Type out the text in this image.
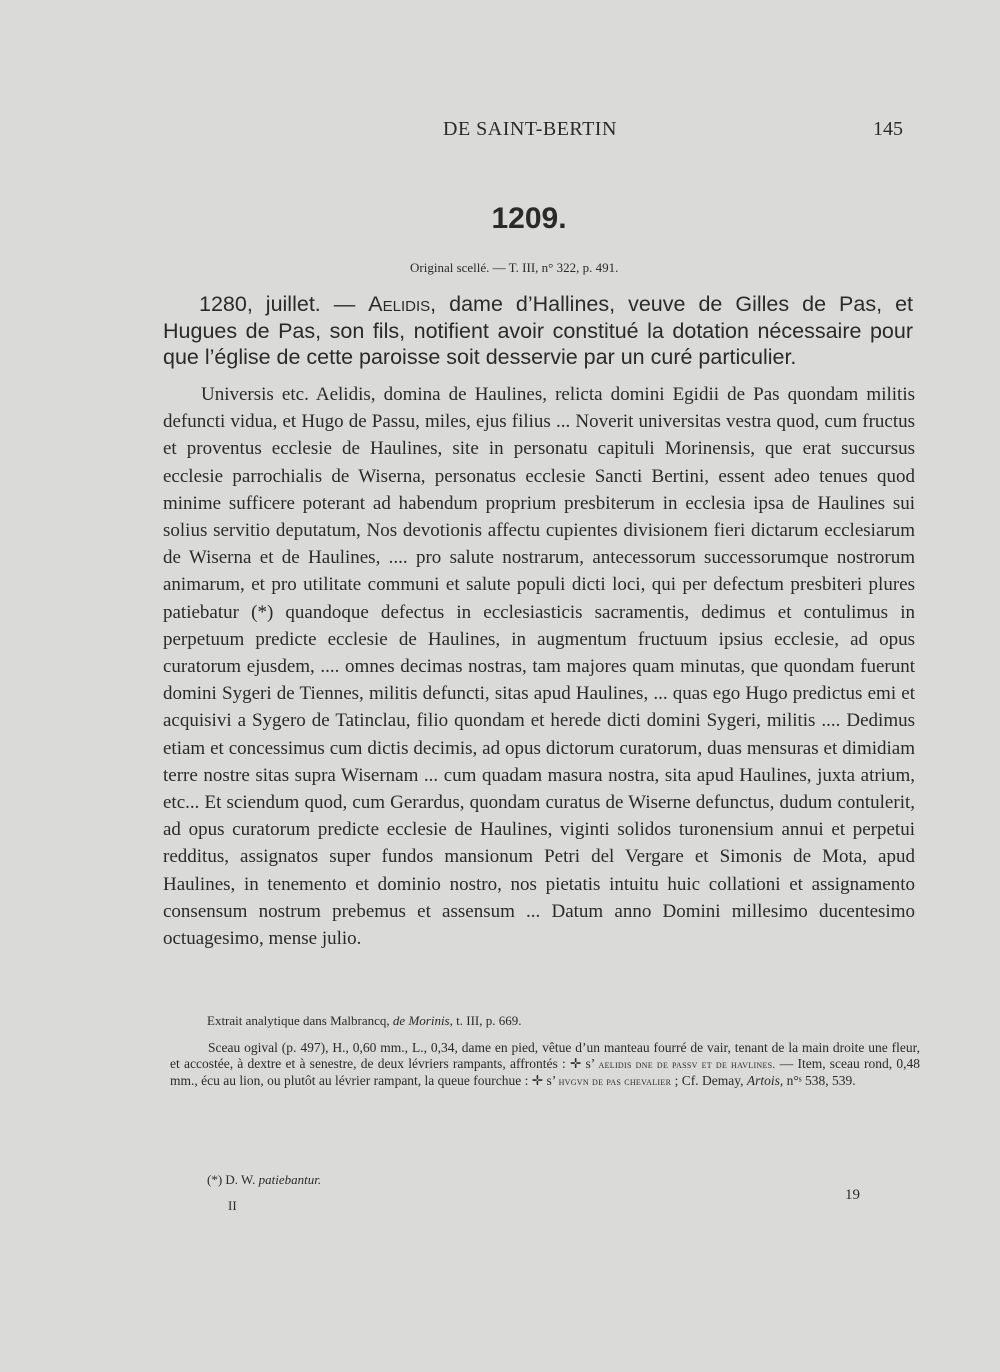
DE SAINT-BERTIN	145
1209.
Original scellé. — T. III, n° 322, p. 491.
1280, juillet. — Aelidis, dame d’Hallines, veuve de Gilles de Pas, et Hugues de Pas, son fils, notifient avoir constitué la dotation nécessaire pour que l’église de cette paroisse soit desservie par un curé particulier.
Universis etc. Aelidis, domina de Haulines, relicta domini Egidii de Pas quondam militis defuncti vidua, et Hugo de Passu, miles, ejus filius ... Noverit universitas vestra quod, cum fructus et proventus ecclesie de Haulines, site in personatu capituli Morinensis, que erat succursus ecclesie parrochialis de Wiserna, personatus ecclesie Sancti Bertini, essent adeo tenues quod minime sufficere poterant ad habendum proprium presbiterum in ecclesia ipsa de Haulines sui solius servitio deputatum, Nos devotionis affectu cupientes divisionem fieri dictarum ecclesiarum de Wiserna et de Haulines, .... pro salute nostrarum, antecessorum successorumque nostrorum animarum, et pro utilitate communi et salute populi dicti loci, qui per defectum presbiteri plures patiebatur (*) quandoque defectus in ecclesiasticis sacramentis, dedimus et contulimus in perpetuum predicte ecclesie de Haulines, in augmentum fructuum ipsius ecclesie, ad opus curatorum ejusdem, .... omnes decimas nostras, tam majores quam minutas, que quondam fuerunt domini Sygeri de Tiennes, militis defuncti, sitas apud Haulines, ... quas ego Hugo predictus emi et acquisivi a Sygero de Tatinclau, filio quondam et herede dicti domini Sygeri, militis .... Dedimus etiam et concessimus cum dictis decimis, ad opus dictorum curatorum, duas mensuras et dimidiam terre nostre sitas supra Wisernam ... cum quadam masura nostra, sita apud Haulines, juxta atrium, etc... Et sciendum quod, cum Gerardus, quondam curatus de Wiserne defunctus, dudum contulerit, ad opus curatorum predicte ecclesie de Haulines, viginti solidos turonensium annui et perpetui redditus, assignatos super fundos mansionum Petri del Vergare et Simonis de Mota, apud Haulines, in tenemento et dominio nostro, nos pietatis intuitu huic collationi et assignamento consensum nostrum prebemus et assensum ... Datum anno Domini millesimo ducentesimo octuagesimo, mense julio.
Extrait analytique dans Malbrancq, de Morinis, t. III, p. 669.
Sceau ogival (p. 497), H., 0,60 mm., L., 0,34, dame en pied, vêtue d’un manteau fourré de vair, tenant de la main droite une fleur, et accostée, à dextre et à senestre, de deux lévriers rampants, affrontés : ✛ s’ aelidis dne de passv et de havlines. — Item, sceau rond, 0,48 mm., écu au lion, ou plutôt au lévrier rampant, la queue fourchue : ✛ s’ hvgvn de pas chevalier ; Cf. Demay, Artois, n°ˢ 538, 539.
(*) D. W. patiebantur.
II
19
